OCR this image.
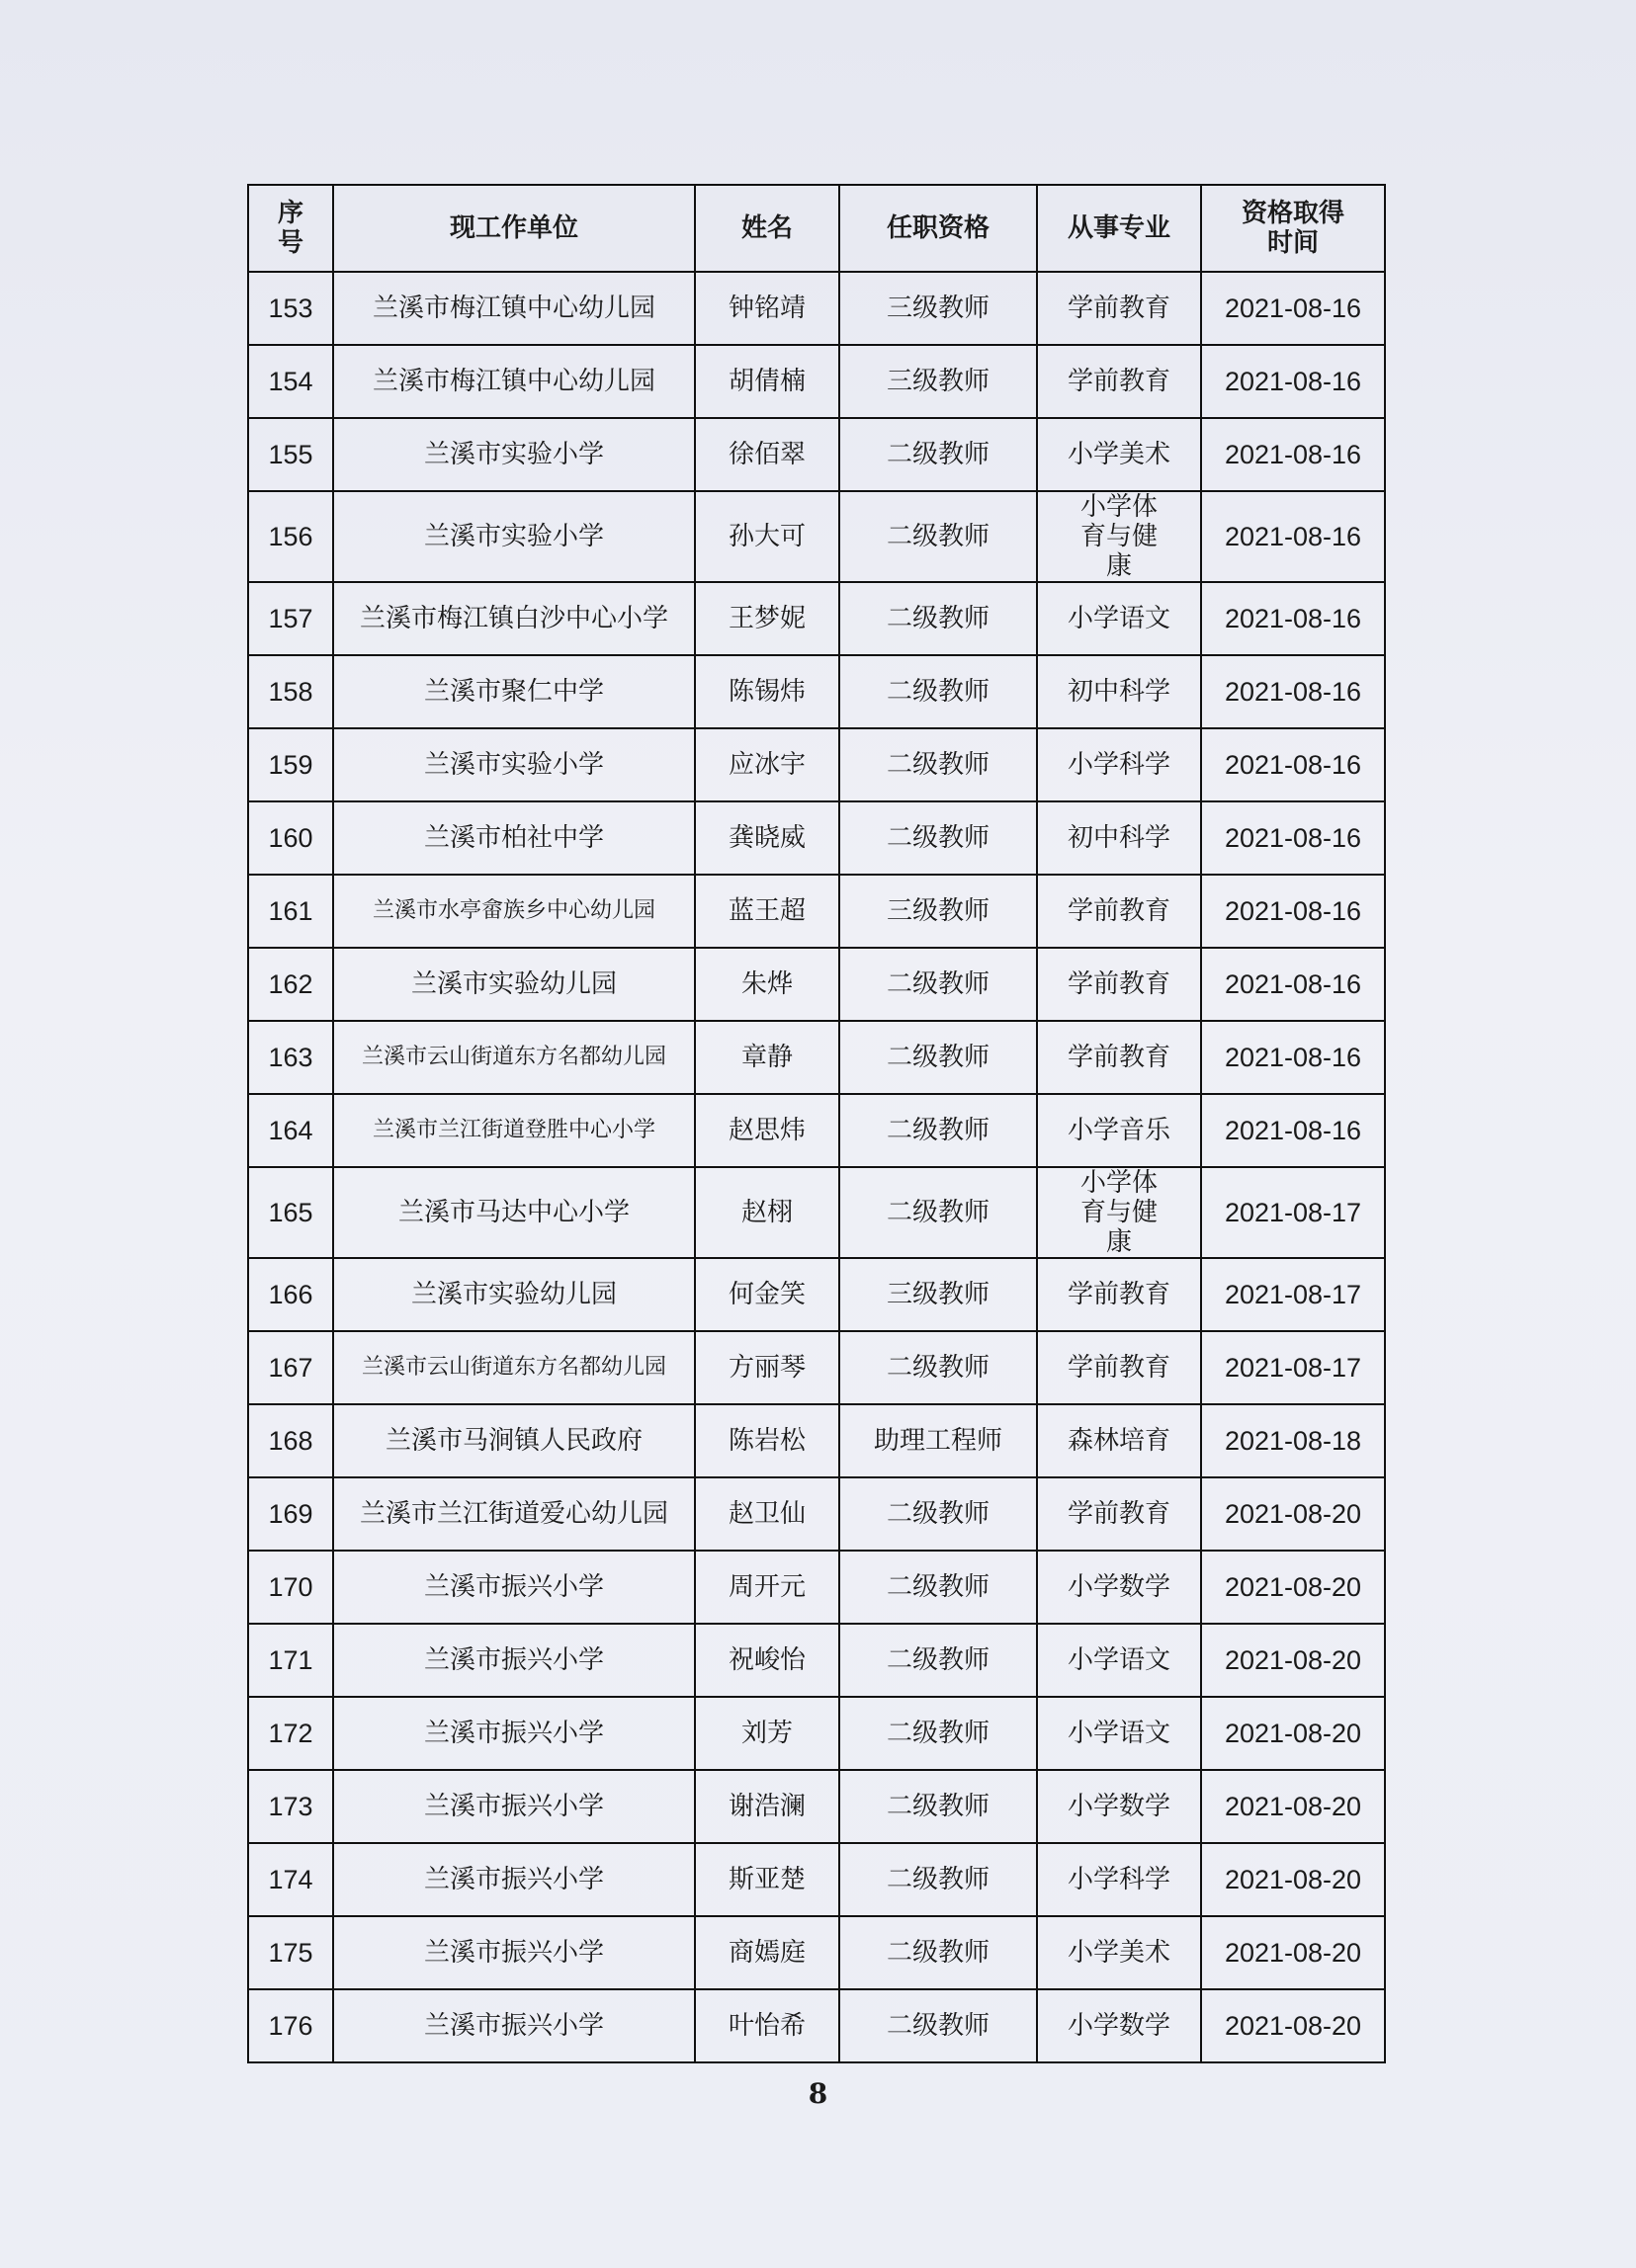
序号	现工作单位	姓名	任职资格	从事专业	资格取得时间
153	兰溪市梅江镇中心幼儿园	钟铭靖	三级教师	学前教育	2021-08-16
154	兰溪市梅江镇中心幼儿园	胡倩楠	三级教师	学前教育	2021-08-16
155	兰溪市实验小学	徐佰翠	二级教师	小学美术	2021-08-16
156	兰溪市实验小学	孙大可	二级教师	小学体育与健康	2021-08-16
157	兰溪市梅江镇白沙中心小学	王梦妮	二级教师	小学语文	2021-08-16
158	兰溪市聚仁中学	陈锡炜	二级教师	初中科学	2021-08-16
159	兰溪市实验小学	应冰宇	二级教师	小学科学	2021-08-16
160	兰溪市柏社中学	龚晓威	二级教师	初中科学	2021-08-16
161	兰溪市水亭畲族乡中心幼儿园	蓝王超	三级教师	学前教育	2021-08-16
162	兰溪市实验幼儿园	朱烨	二级教师	学前教育	2021-08-16
163	兰溪市云山街道东方名都幼儿园	章静	二级教师	学前教育	2021-08-16
164	兰溪市兰江街道登胜中心小学	赵思炜	二级教师	小学音乐	2021-08-16
165	兰溪市马达中心小学	赵栩	二级教师	小学体育与健康	2021-08-17
166	兰溪市实验幼儿园	何金笑	三级教师	学前教育	2021-08-17
167	兰溪市云山街道东方名都幼儿园	方丽琴	二级教师	学前教育	2021-08-17
168	兰溪市马涧镇人民政府	陈岩松	助理工程师	森林培育	2021-08-18
169	兰溪市兰江街道爱心幼儿园	赵卫仙	二级教师	学前教育	2021-08-20
170	兰溪市振兴小学	周开元	二级教师	小学数学	2021-08-20
171	兰溪市振兴小学	祝峻怡	二级教师	小学语文	2021-08-20
172	兰溪市振兴小学	刘芳	二级教师	小学语文	2021-08-20
173	兰溪市振兴小学	谢浩澜	二级教师	小学数学	2021-08-20
174	兰溪市振兴小学	斯亚楚	二级教师	小学科学	2021-08-20
175	兰溪市振兴小学	商嫣庭	二级教师	小学美术	2021-08-20
176	兰溪市振兴小学	叶怡希	二级教师	小学数学	2021-08-20
8
